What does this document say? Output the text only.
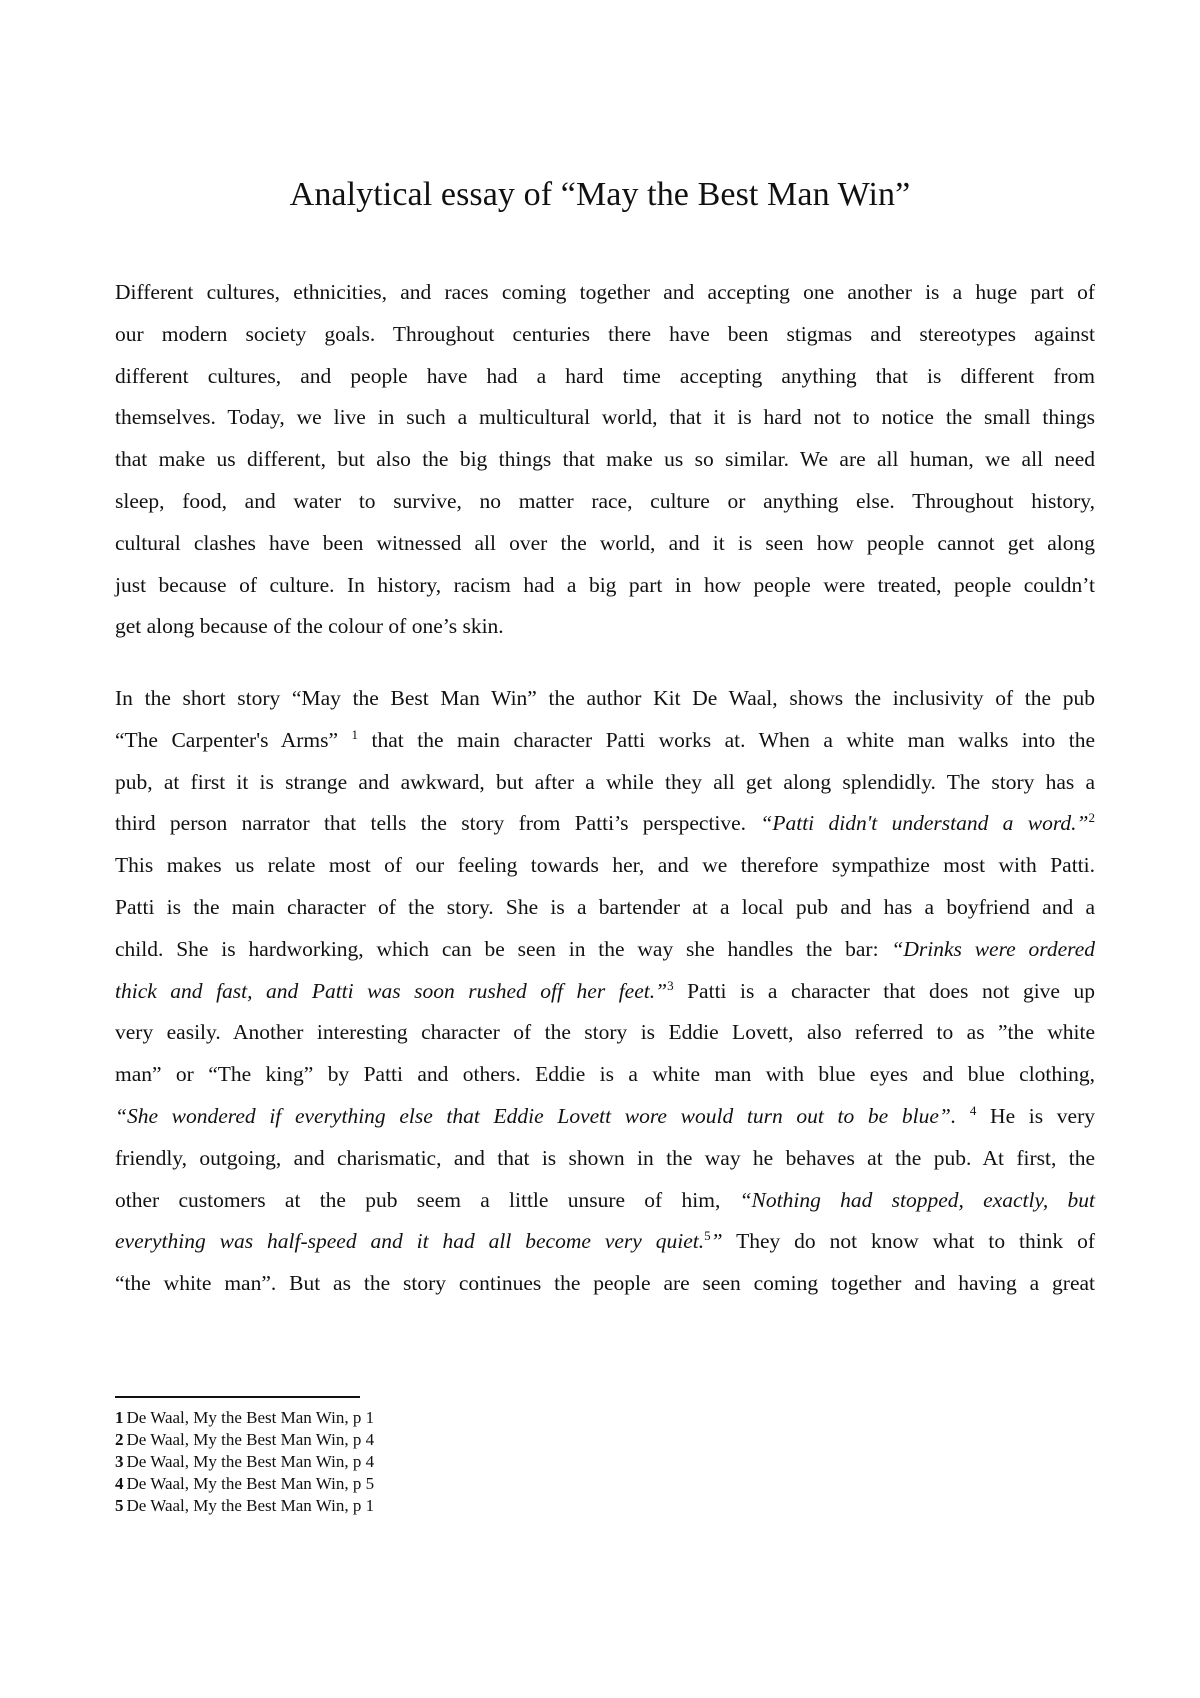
Analytical essay of “May the Best Man Win”
Different cultures, ethnicities, and races coming together and accepting one another is a huge part of
our modern society goals. Throughout centuries there have been stigmas and stereotypes against
different cultures, and people have had a hard time accepting anything that is different from
themselves. Today, we live in such a multicultural world, that it is hard not to notice the small things
that make us different, but also the big things that make us so similar. We are all human, we all need
sleep, food, and water to survive, no matter race, culture or anything else. Throughout history,
cultural clashes have been witnessed all over the world, and it is seen how people cannot get along
just because of culture. In history, racism had a big part in how people were treated, people couldn’t
get along because of the colour of one’s skin.
In the short story “May the Best Man Win” the author Kit De Waal, shows the inclusivity of the pub
“The Carpenter's Arms” $^1$ that the main character Patti works at. When a white man walks into the
pub, at first it is strange and awkward, but after a while they all get along splendidly. The story has a
third person narrator that tells the story from Patti’s perspective. “Patti didn't understand a word.”$^2$
This makes us relate most of our feeling towards her, and we therefore sympathize most with Patti.
Patti is the main character of the story. She is a bartender at a local pub and has a boyfriend and a
child. She is hardworking, which can be seen in the way she handles the bar: “Drinks were ordered
thick and fast, and Patti was soon rushed off her feet.”$^3$ Patti is a character that does not give up
very easily. Another interesting character of the story is Eddie Lovett, also referred to as ”the white
man” or “The king” by Patti and others. Eddie is a white man with blue eyes and blue clothing,
“She wondered if everything else that Eddie Lovett wore would turn out to be blue”. $^4$ He is very
friendly, outgoing, and charismatic, and that is shown in the way he behaves at the pub. At first, the
other customers at the pub seem a little unsure of him, “Nothing had stopped, exactly, but
everything was half-speed and it had all become very quiet.$^5$” They do not know what to think of
“the white man”. But as the story continues the people are seen coming together and having a great
1 De Waal, My the Best Man Win, p 1
2 De Waal, My the Best Man Win, p 4
3 De Waal, My the Best Man Win, p 4
4 De Waal, My the Best Man Win, p 5
5 De Waal, My the Best Man Win, p 1
